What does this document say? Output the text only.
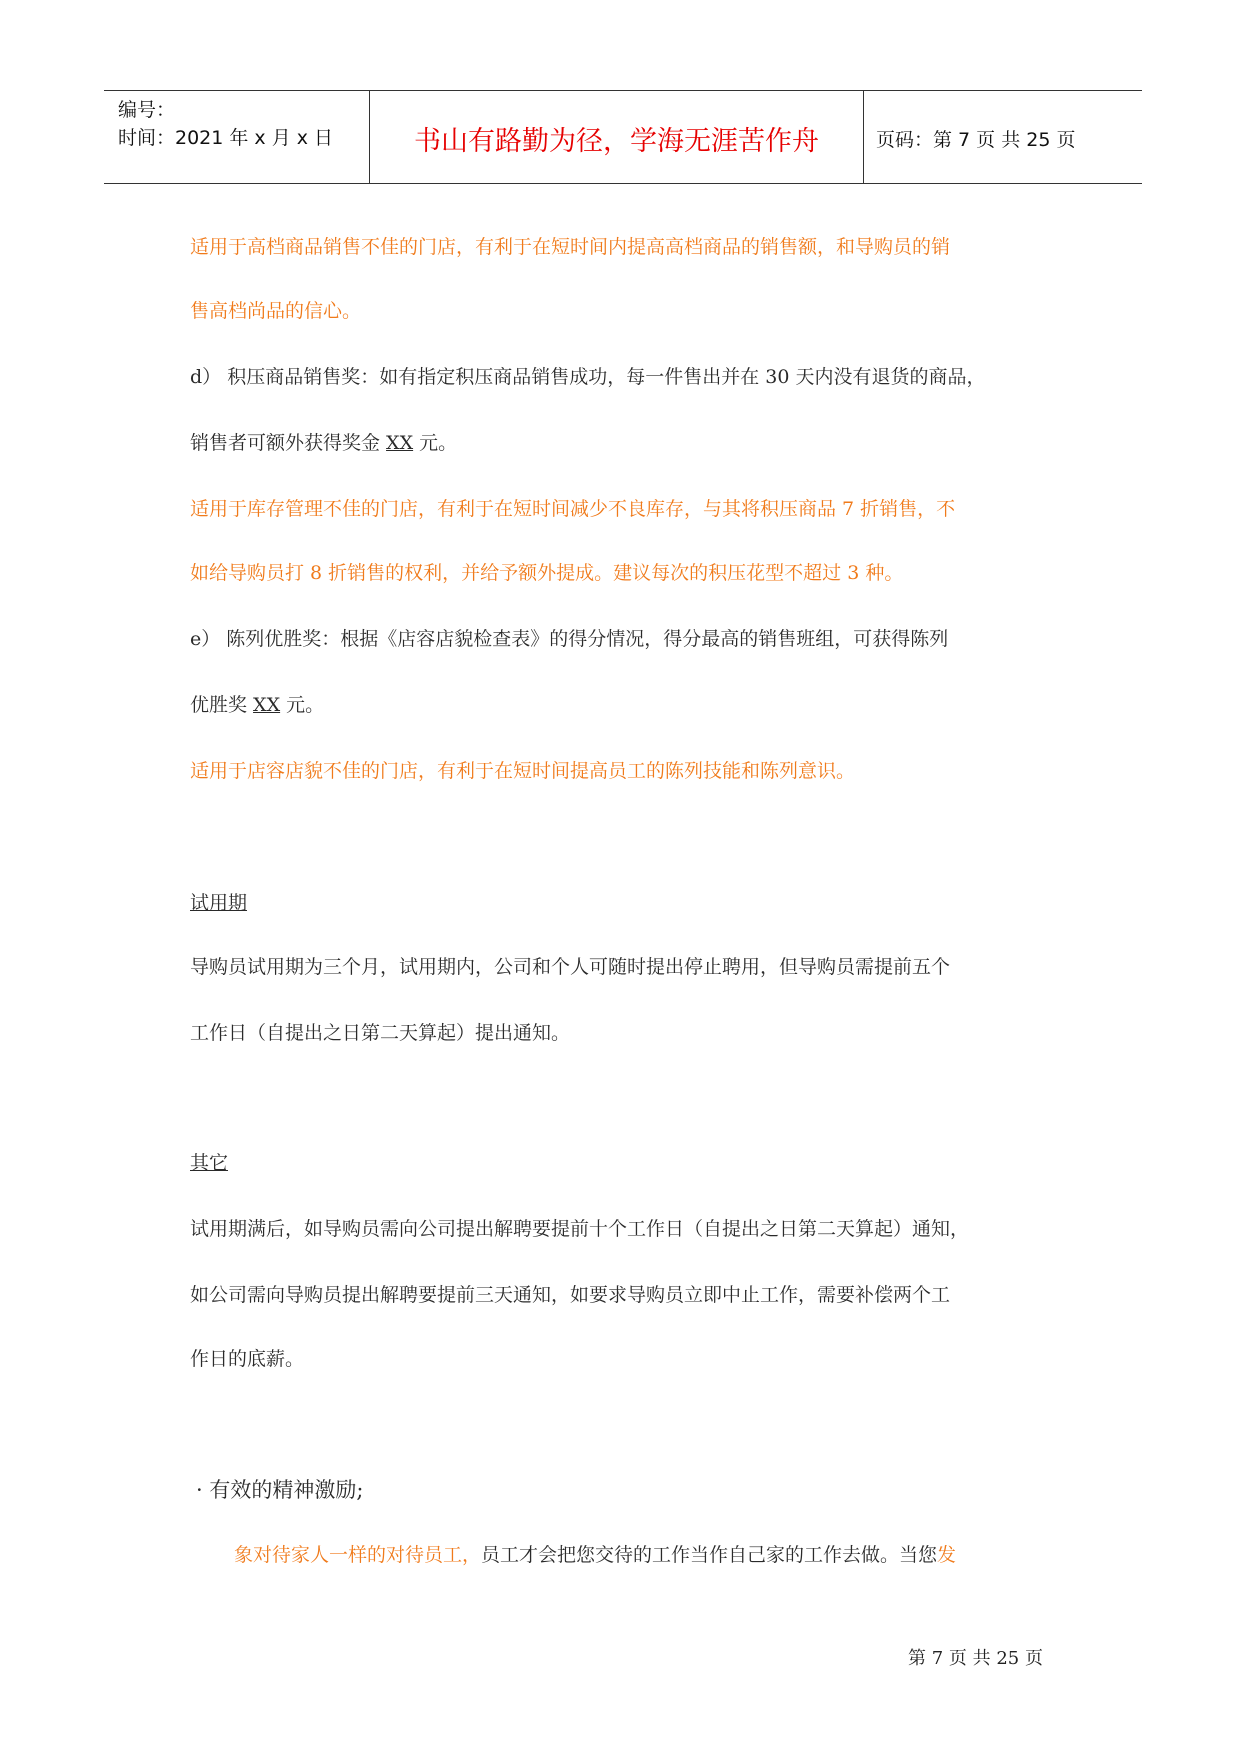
编号：
时间：2021 年 x 月 x 日	书山有路勤为径，学海无涯苦作舟	页码：第 7 页 共 25 页
适用于高档商品销售不佳的门店，有利于在短时间内提高高档商品的销售额，和导购员的销
售高档尚品的信心。
d） 积压商品销售奖：如有指定积压商品销售成功，每一件售出并在 30 天内没有退货的商品，
销售者可额外获得奖金 XX 元。
适用于库存管理不佳的门店，有利于在短时间减少不良库存，与其将积压商品 7 折销售，不
如给导购员打 8 折销售的权利，并给予额外提成。建议每次的积压花型不超过 3 种。
e） 陈列优胜奖：根据《店容店貌检查表》的得分情况，得分最高的销售班组，可获得陈列
优胜奖 XX 元。
适用于店容店貌不佳的门店，有利于在短时间提高员工的陈列技能和陈列意识。
试用期
导购员试用期为三个月，试用期内，公司和个人可随时提出停止聘用，但导购员需提前五个
工作日（自提出之日第二天算起）提出通知。
其它
试用期满后，如导购员需向公司提出解聘要提前十个工作日（自提出之日第二天算起）通知，
如公司需向导购员提出解聘要提前三天通知，如要求导购员立即中止工作，需要补偿两个工
作日的底薪。
· 有效的精神激励;
象对待家人一样的对待员工，员工才会把您交待的工作当作自己家的工作去做。当您发
第 7 页 共 25 页
